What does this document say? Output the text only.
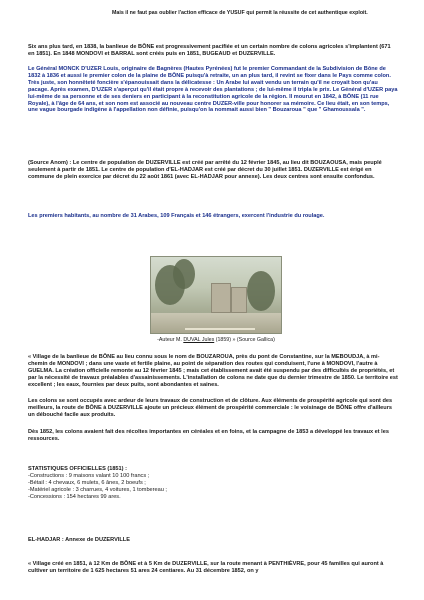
Mais il ne faut pas oublier l'action efficace de YUSUF qui permit la réussite de cet authentique exploit.

Six ans plus tard, en 1838, la banlieue de BÔNE est progressivement pacifiée et un certain nombre de colons agricoles s'implantent (671 en 1851). En 1848 MONDOVI et BARRAL sont créés puis en 1851, BUGEAUD et DUZERVILLE.

Le Général MONCK D'UZER Louis, originaire de Bagnères (Hautes Pyrénées) fut le premier Commandant de la Subdivision de Bône de 1832 à 1836 et aussi le premier colon de la plaine de BÔNE puisqu'à retraite, un an plus tard, il revint se fixer dans le Pays comme colon. Très juste, son honnêteté foncière s'épanouissait dans la délicatesse : Un Arabe lui avait vendu un terrain qu'il ne croyait bon qu'au pacage. Après examen, D'UZER s'aperçut qu'il était propre à recevoir des plantations ; de lui-même il tripla le prix. Le Général d'UZER paya lui-même de sa personne et de ses deniers en participant à la reconstitution agricole de la région. Il mourut en 1842, à BÔNE (11 rue Royale), à l'âge de 64 ans, et son nom est associé au nouveau centre DUZER-ville pour honorer sa mémoire. Ce lieu était, en son temps, une vague bourgade indigène à l'appellation non définie, puisqu'on la nommait aussi bien " Bouzaroua " que " Ghamoussala ".

(Source Anom) : Le centre de population de DUZERVILLE est créé par arrêté du 12 février 1845, au lieu dit BOUZAOUSA, mais peuplé seulement à partir de 1851. Le centre de population d'EL-HADJAR est créé par décret du 30 juillet 1851. DUZERVILLE est érigé en commune de plein exercice par décret du 22 août 1861 (avec EL-HADJAR pour annexe). Les deux centres sont ensuite confondus.

Les premiers habitants, au nombre de 31 Arabes, 109 Français et 146 étrangers, exercent l'industrie du roulage.

-Auteur M. DUVAL Jules (1859) » (Source Gallica)

« Village de la banlieue de BÔNE au lieu connu sous le nom de BOUZAROUA, près du pont de Constantine, sur la MEBOUDJA, à mi-chemin de MONDOVI ; dans une vaste et fertile plaine, au point de séparation des routes qui conduisent, l'une à MONDOVI, l'autre à GUELMA. La création officielle remonte au 12 février 1845 ; mais cet établissement avait été suspendu par des difficultés de propriétés, et par la nécessité de travaux préalables d'assainissements. L'installation de colons ne date que du dernier trimestre de 1850. Le territoire est excellent ; les eaux, fournies par deux puits, sont abondantes et saines.

Les colons se sont occupés avec ardeur de leurs travaux de construction et de clôture. Aux éléments de prospérité agricole qui sont des meilleurs, la route de BÔNE à DUZERVILLE ajoute un précieux élément de prospérité commerciale : le voisinage de BÔNE offre d'ailleurs un débouché facile aux produits.

Dès 1852, les colons avaient fait des récoltes importantes en céréales et en foins, et la campagne de 1853 a développé les travaux et les ressources.

STATISTIQUES OFFICIELLES (1851) :

-Constructions : 9 maisons valant 10 100 francs ;

-Bétail : 4 chevaux, 6 mulets, 6 ânes, 2 boeufs ;

-Matériel agricole : 3 charrues, 4 voitures, 1 tombereau ;

-Concessions : 154 hectares 99 ares.

EL-HADJAR : Annexe de DUZERVILLE

« Village créé en 1851, à 12 Km de BÔNE et à 5 Km de DUZERVILLE, sur la route menant à PENTHIÈVRE, pour 45 familles qui auront à cultiver un territoire de 1 625 hectares 51 ares 24 centiares. Au 31 décembre 1852, on y
